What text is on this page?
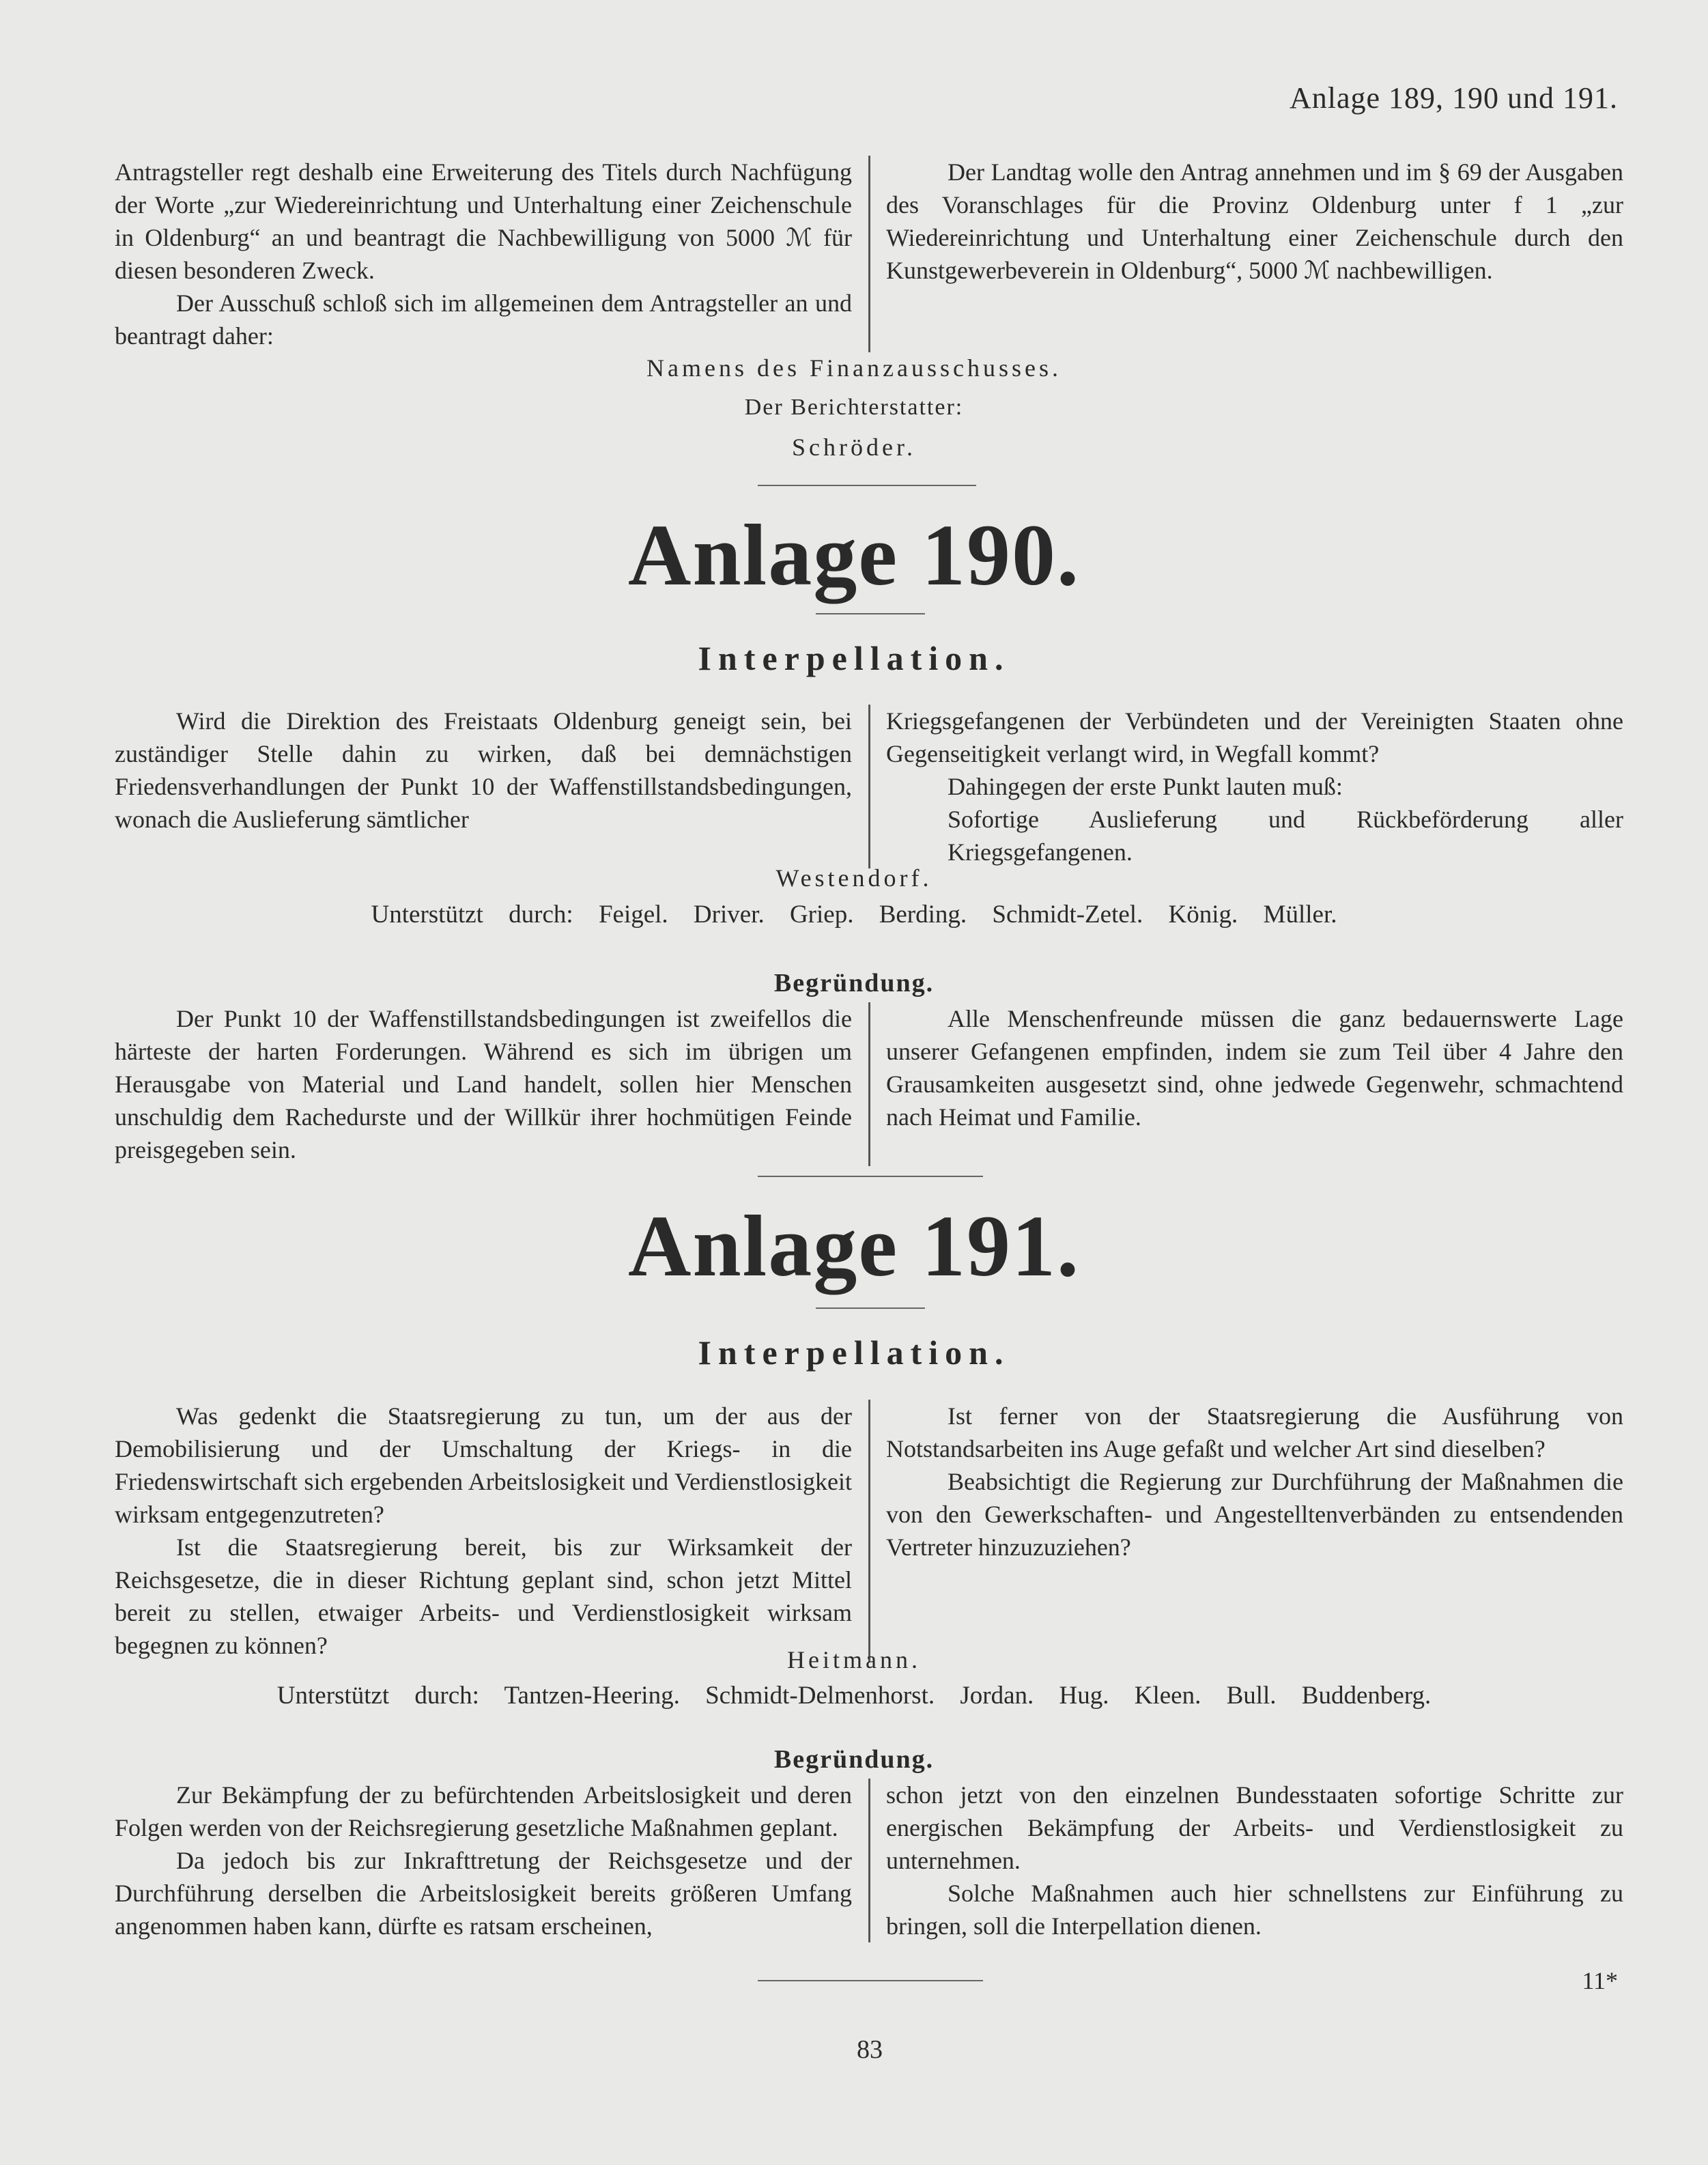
Anlage 189, 190 und 191.

Antragsteller regt deshalb eine Erweiterung des Titels durch Nachfügung der Worte „zur Wiedereinrichtung und Unterhaltung einer Zeichenschule in Oldenburg“ an und beantragt die Nachbewilligung von 5000 ℳ für diesen besonderen Zweck.

Der Ausschuß schloß sich im allgemeinen dem Antragsteller an und beantragt daher:

Der Landtag wolle den Antrag annehmen und im § 69 der Ausgaben des Voranschlages für die Provinz Oldenburg unter f 1 „zur Wiedereinrichtung und Unterhaltung einer Zeichenschule durch den Kunstgewerbeverein in Oldenburg“, 5000 ℳ nachbewilligen.

Namens des Finanzausschusses.
Der Berichterstatter:
Schröder.
Anlage 190.
Interpellation.

Wird die Direktion des Freistaats Oldenburg geneigt sein, bei zuständiger Stelle dahin zu wirken, daß bei demnächstigen Friedensverhandlungen der Punkt 10 der Waffenstillstandsbedingungen, wonach die Auslieferung sämtlicher

Kriegsgefangenen der Verbündeten und der Vereinigten Staaten ohne Gegenseitigkeit verlangt wird, in Wegfall kommt?

Dahingegen der erste Punkt lauten muß:

Sofortige Auslieferung und Rückbeförderung aller Kriegsgefangenen.

Westendorf.
Unterstützt durch: Feigel. Driver. Griep. Berding. Schmidt-Zetel. König. Müller.
Begründung.

Der Punkt 10 der Waffenstillstandsbedingungen ist zweifellos die härteste der harten Forderungen. Während es sich im übrigen um Herausgabe von Material und Land handelt, sollen hier Menschen unschuldig dem Rachedurste und der Willkür ihrer hochmütigen Feinde preisgegeben sein.

Alle Menschenfreunde müssen die ganz bedauernswerte Lage unserer Gefangenen empfinden, indem sie zum Teil über 4 Jahre den Grausamkeiten ausgesetzt sind, ohne jedwede Gegenwehr, schmachtend nach Heimat und Familie.

Anlage 191.
Interpellation.

Was gedenkt die Staatsregierung zu tun, um der aus der Demobilisierung und der Umschaltung der Kriegs- in die Friedenswirtschaft sich ergebenden Arbeitslosigkeit und Verdienstlosigkeit wirksam entgegenzutreten?

Ist die Staatsregierung bereit, bis zur Wirksamkeit der Reichsgesetze, die in dieser Richtung geplant sind, schon jetzt Mittel bereit zu stellen, etwaiger Arbeits- und Verdienstlosigkeit wirksam begegnen zu können?

Ist ferner von der Staatsregierung die Ausführung von Notstandsarbeiten ins Auge gefaßt und welcher Art sind dieselben?

Beabsichtigt die Regierung zur Durchführung der Maßnahmen die von den Gewerkschaften- und Angestelltenverbänden zu entsendenden Vertreter hinzuzuziehen?

Heitmann.
Unterstützt durch: Tantzen-Heering. Schmidt-Delmenhorst. Jordan. Hug. Kleen. Bull. Buddenberg.
Begründung.

Zur Bekämpfung der zu befürchtenden Arbeitslosigkeit und deren Folgen werden von der Reichsregierung gesetzliche Maßnahmen geplant.

Da jedoch bis zur Inkrafttretung der Reichsgesetze und der Durchführung derselben die Arbeitslosigkeit bereits größeren Umfang angenommen haben kann, dürfte es ratsam erscheinen,

schon jetzt von den einzelnen Bundesstaaten sofortige Schritte zur energischen Bekämpfung der Arbeits- und Verdienstlosigkeit zu unternehmen.

Solche Maßnahmen auch hier schnellstens zur Einführung zu bringen, soll die Interpellation dienen.

11*
83
